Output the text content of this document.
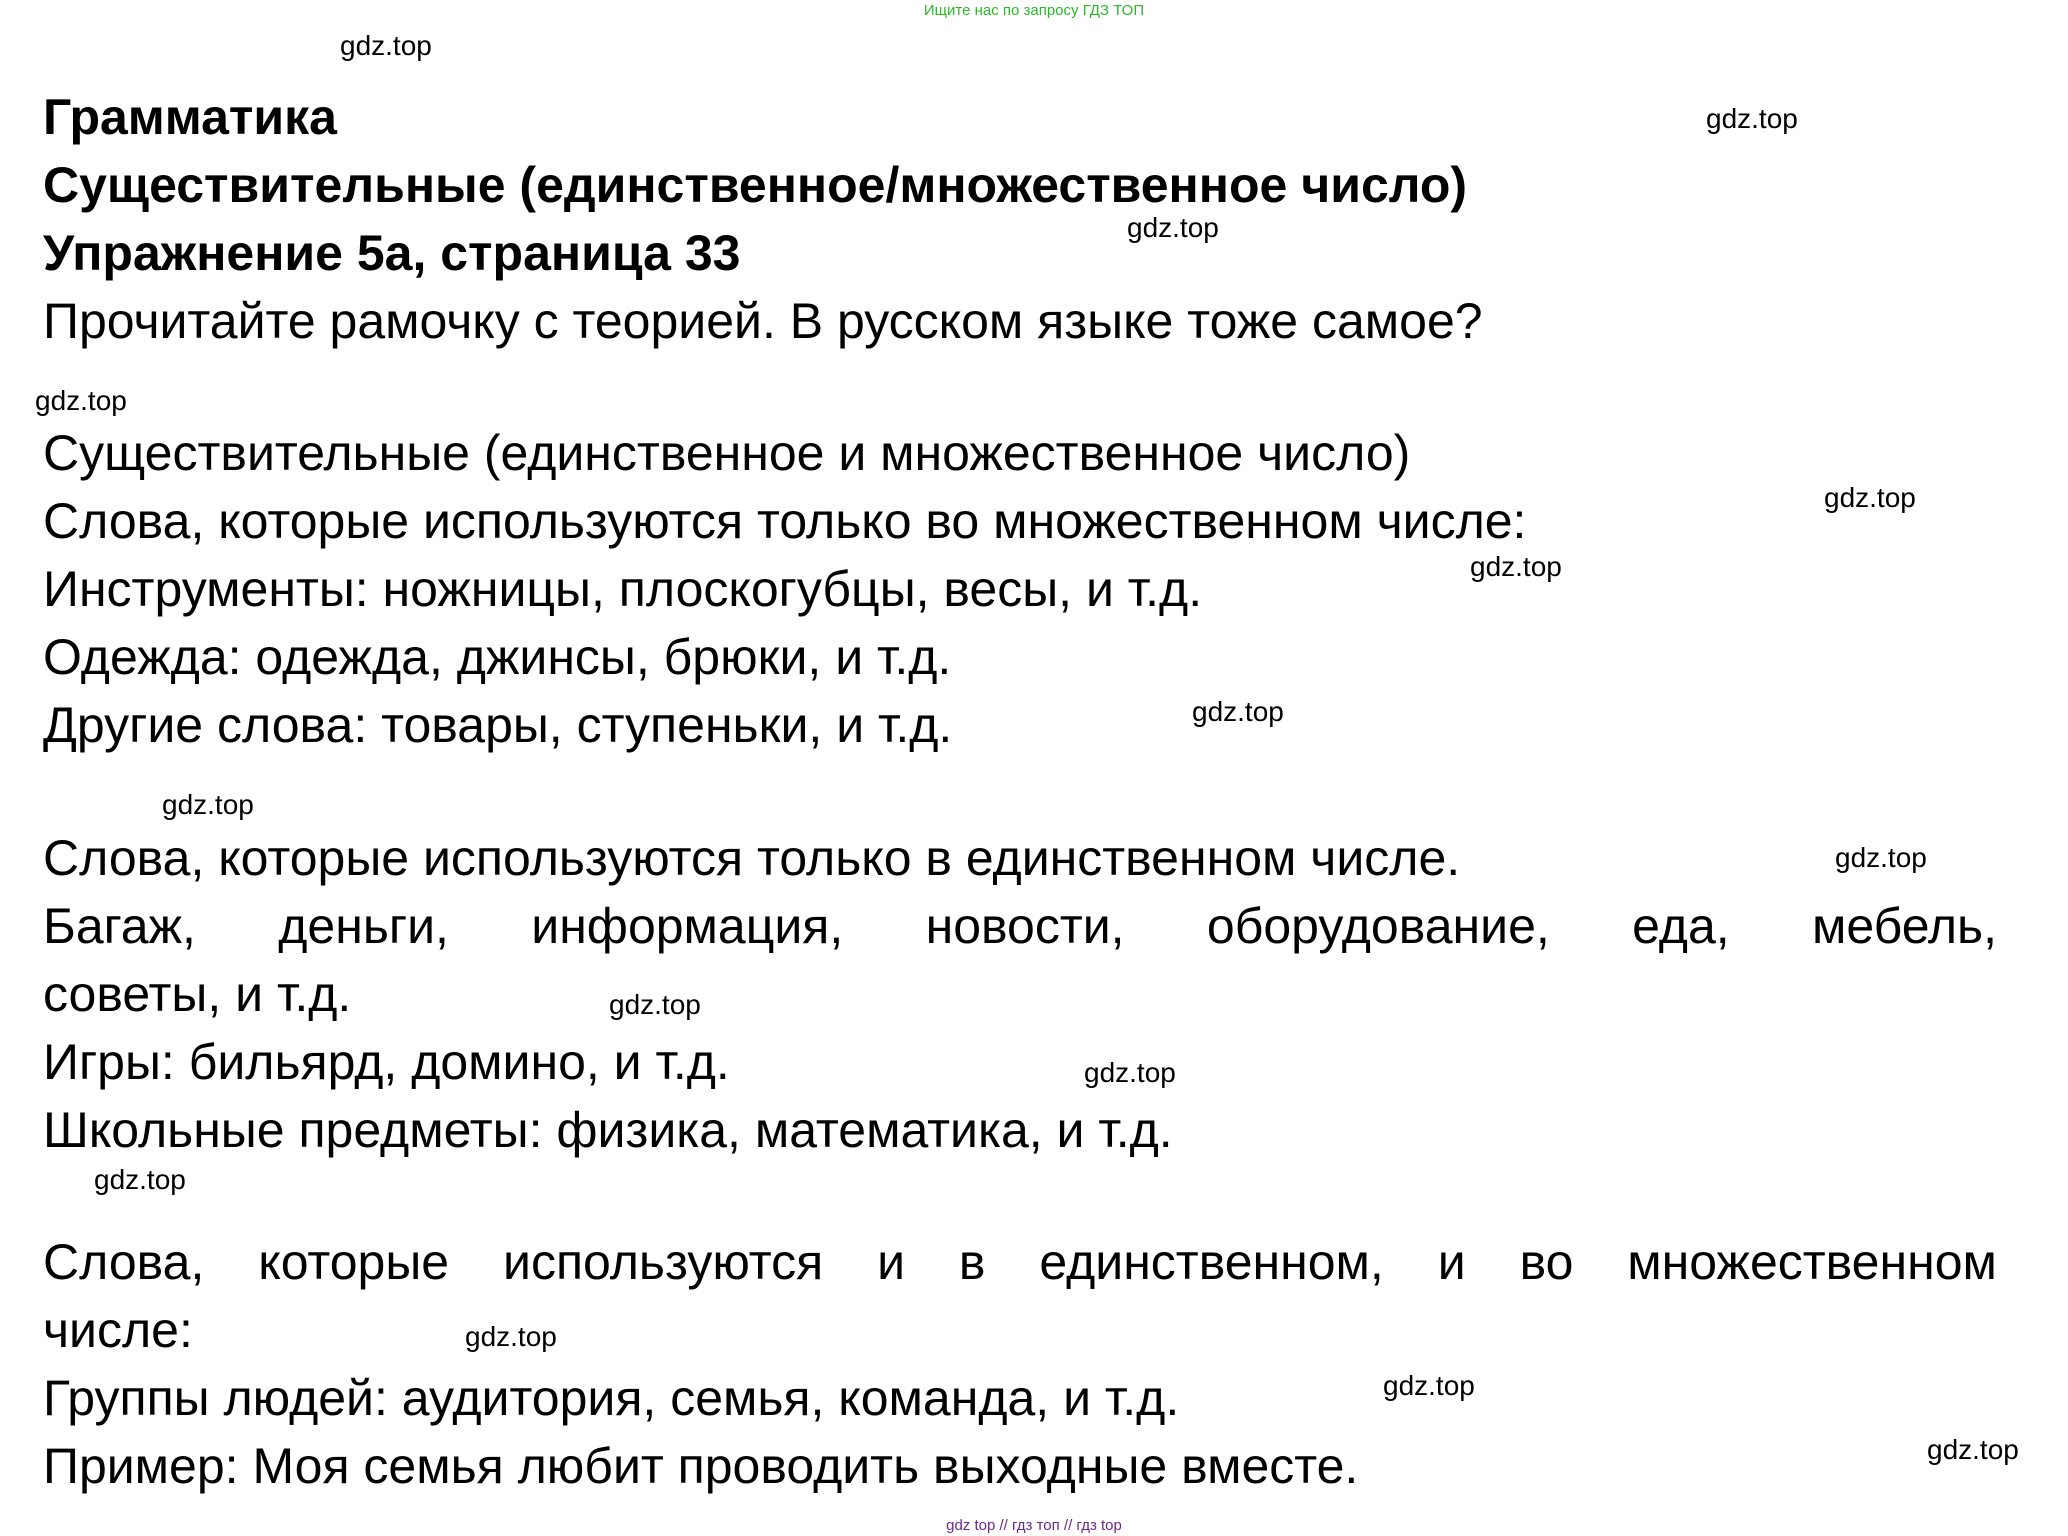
Ищите нас по запросу ГДЗ ТОП
Грамматика
Существительные (единственное/множественное число)
Упражнение 5a, страница 33
Прочитайте рамочку с теорией. В русском языке тоже самое?
Существительные (единственное и множественное число)
Слова, которые используются только во множественном числе:
Инструменты: ножницы, плоскогубцы, весы, и т.д.
Одежда: одежда, джинсы, брюки, и т.д.
Другие слова: товары, ступеньки, и т.д.
Слова, которые используются только в единственном числе.
Багаж, деньги, информация, новости, оборудование, еда, мебель,
советы, и т.д.
Игры: бильярд, домино, и т.д.
Школьные предметы: физика, математика, и т.д.
Слова, которые используются и в единственном, и во множественном
числе:
Группы людей: аудитория, семья, команда, и т.д.
Пример: Моя семья любит проводить выходные вместе.
gdz.top
gdz.top
gdz.top
gdz.top
gdz.top
gdz.top
gdz.top
gdz.top
gdz.top
gdz.top
gdz.top
gdz.top
gdz.top
gdz.top
gdz.top
gdz top // гдз топ // гдз top
